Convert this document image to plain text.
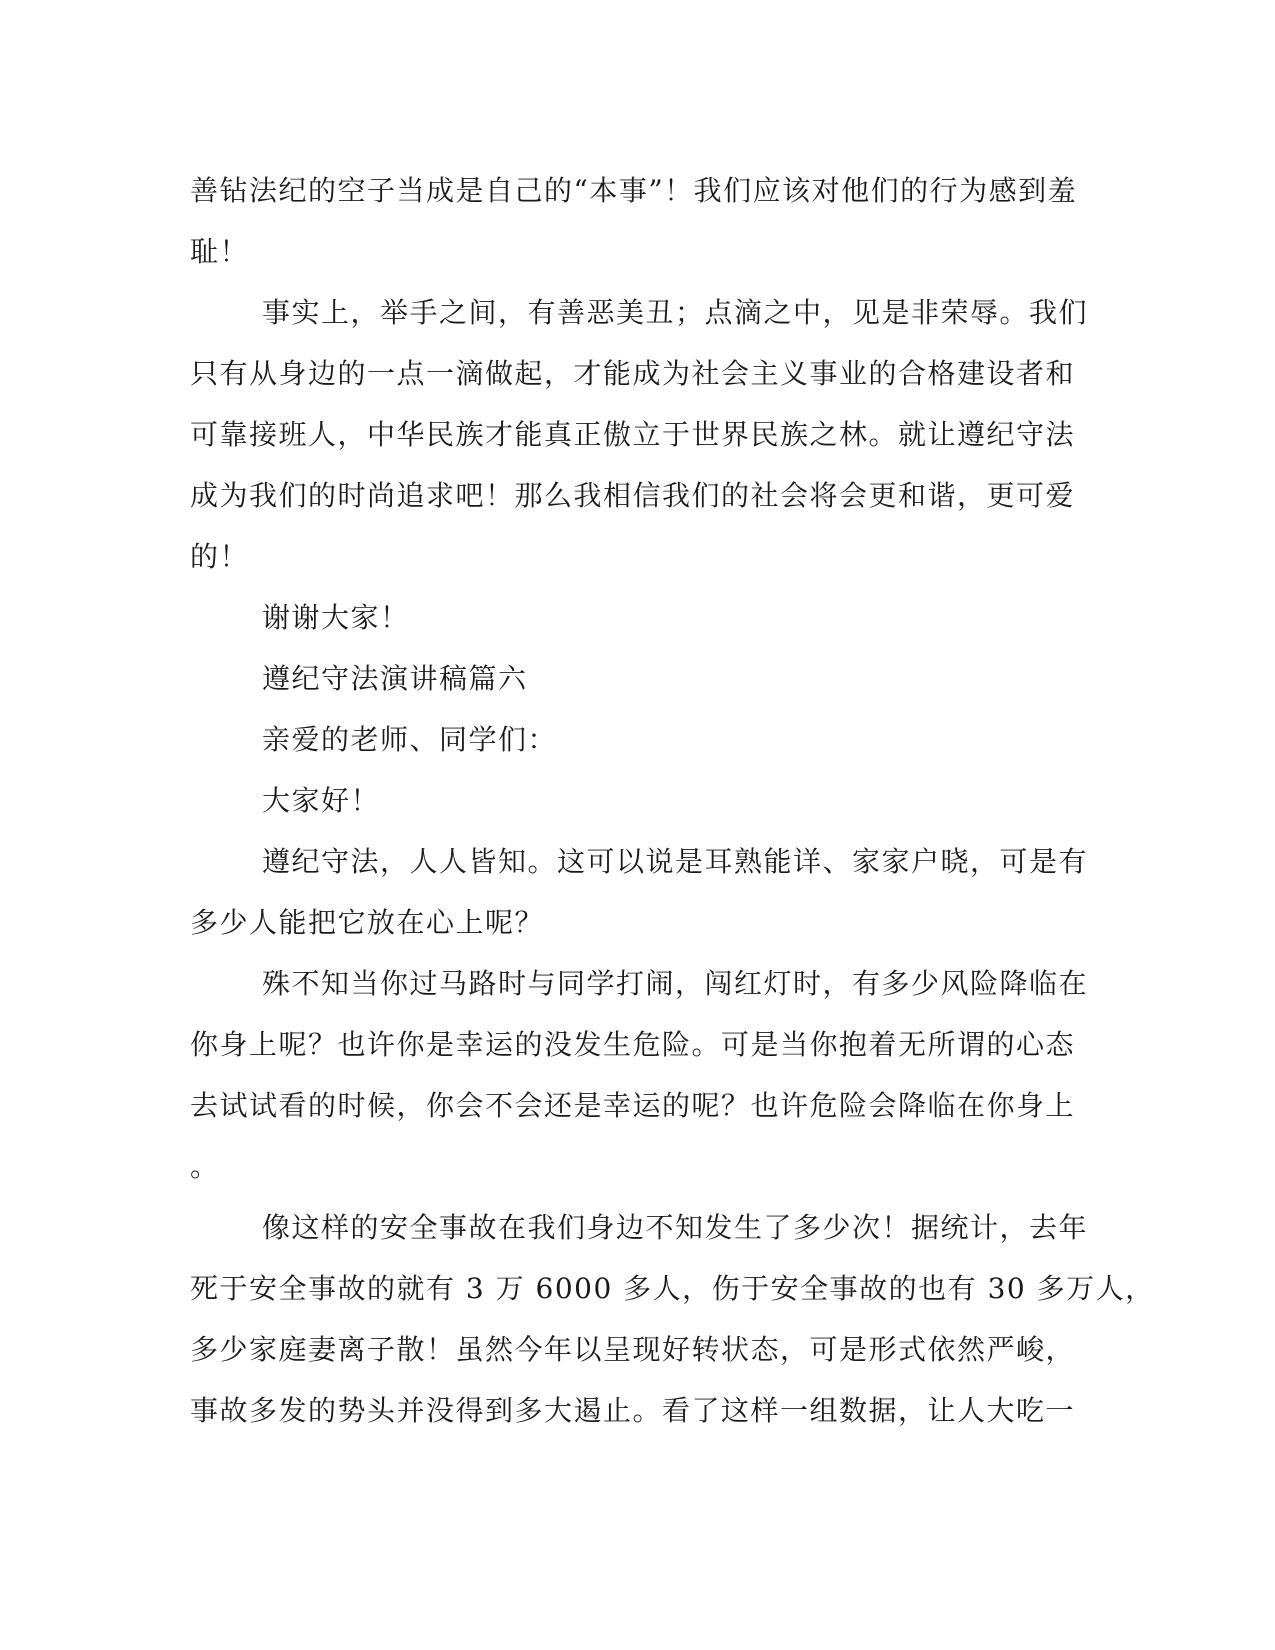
善钻法纪的空子当成是自己的“本事”！我们应该对他们的行为感到羞
耻！
事实上，举手之间，有善恶美丑；点滴之中，见是非荣辱。我们
只有从身边的一点一滴做起，才能成为社会主义事业的合格建设者和
可靠接班人，中华民族才能真正傲立于世界民族之林。就让遵纪守法
成为我们的时尚追求吧！那么我相信我们的社会将会更和谐，更可爱
的！
谢谢大家！
遵纪守法演讲稿篇六
亲爱的老师、同学们：
大家好！
遵纪守法，人人皆知。这可以说是耳熟能详、家家户晓，可是有
多少人能把它放在心上呢？
殊不知当你过马路时与同学打闹，闯红灯时，有多少风险降临在
你身上呢？也许你是幸运的没发生危险。可是当你抱着无所谓的心态
去试试看的时候，你会不会还是幸运的呢？也许危险会降临在你身上
。
像这样的安全事故在我们身边不知发生了多少次！据统计，去年
死于安全事故的就有 3 万 6000 多人，伤于安全事故的也有 30 多万人，
多少家庭妻离子散！虽然今年以呈现好转状态，可是形式依然严峻，
事故多发的势头并没得到多大遏止。看了这样一组数据，让人大吃一
